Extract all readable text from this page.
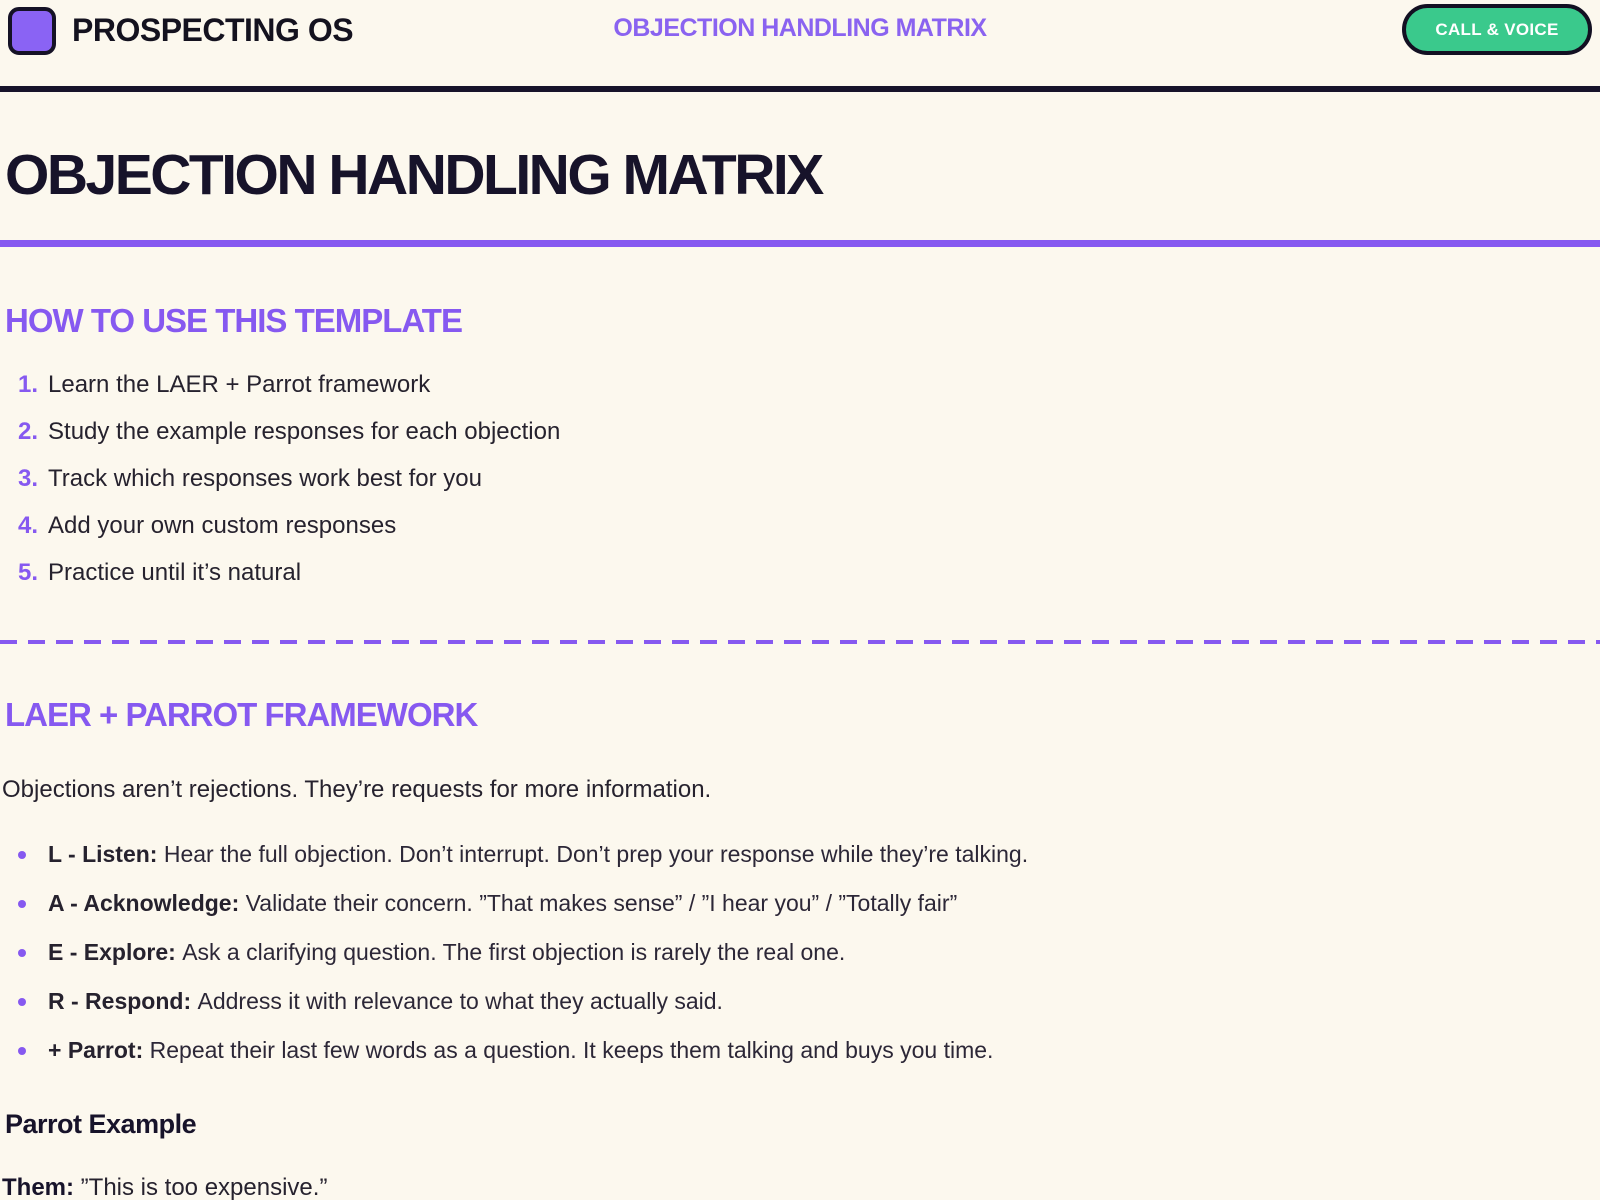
PROSPECTING OS	OBJECTION HANDLING MATRIX	CALL & VOICE
OBJECTION HANDLING MATRIX
HOW TO USE THIS TEMPLATE
1. Learn the LAER + Parrot framework
2. Study the example responses for each objection
3. Track which responses work best for you
4. Add your own custom responses
5. Practice until it’s natural
LAER + PARROT FRAMEWORK

Objections aren’t rejections. They’re requests for more information.

L - Listen: Hear the full objection. Don’t interrupt. Don’t prep your response while they’re talking.
A - Acknowledge: Validate their concern. ”That makes sense” / ”I hear you” / ”Totally fair”
E - Explore: Ask a clarifying question. The first objection is rarely the real one.
R - Respond: Address it with relevance to what they actually said.
+ Parrot: Repeat their last few words as a question. It keeps them talking and buys you time.
Parrot Example

Them: ”This is too expensive.”
